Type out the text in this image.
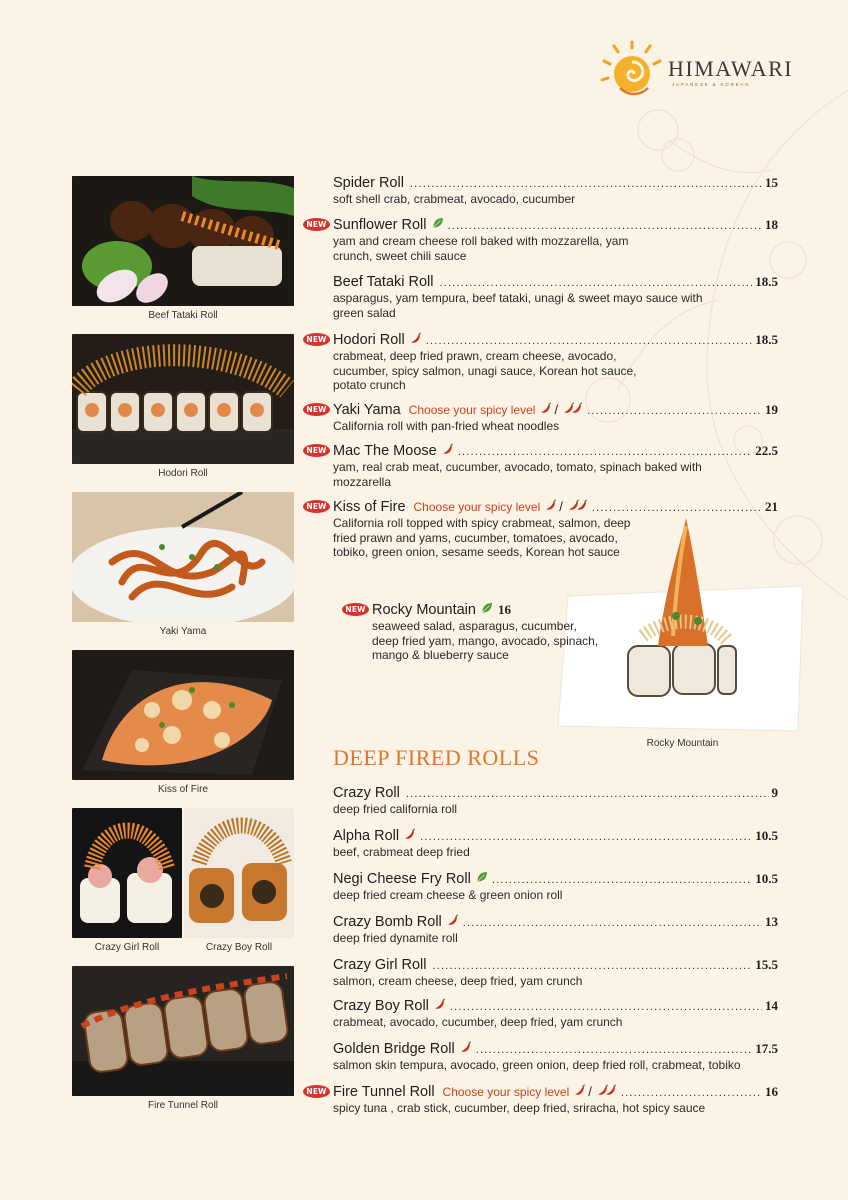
HIMAWARI
JAPANESE & KOREAN
Beef Tataki Roll
Hodori Roll
Yaki Yama
Kiss of Fire
Crazy Girl Roll	Crazy Boy Roll
Fire Tunnel Roll
Rocky Mountain
Spider Roll .....	15
soft shell crab, crabmeat, avocado, cucumber
NEW Sunflower Roll .....	18
yam and cream cheese roll baked with mozzarella, yam crunch, sweet chili sauce
Beef Tataki Roll .....	18.5
asparagus, yam tempura, beef tataki, unagi & sweet mayo sauce with green salad
NEW Hodori Roll .....	18.5
crabmeat, deep fried prawn, cream cheese, avocado, cucumber, spicy salmon, unagi sauce, Korean hot sauce, potato crunch
NEW Yaki Yama Choose your spicy level / .....	19
California roll with pan-fried wheat noodles
NEW Mac The Moose .....	22.5
yam, real crab meat, cucumber, avocado, tomato, spinach baked with mozzarella
NEW Kiss of Fire Choose your spicy level / .....	21
California roll topped with spicy crabmeat, salmon, deep fried prawn and yams, cucumber, tomatoes, avocado, tobiko, green onion, sesame seeds, Korean hot sauce
NEW Rocky Mountain	16
seaweed salad, asparagus, cucumber, deep fried yam, mango, avocado, spinach, mango & blueberry sauce
DEEP FIRED ROLLS
Crazy Roll .....	9
deep fried california roll
Alpha Roll .....	10.5
beef, crabmeat deep fried
Negi Cheese Fry Roll .....	10.5
deep fried cream cheese & green onion roll
Crazy Bomb Roll .....	13
deep fried dynamite roll
Crazy Girl Roll .....	15.5
salmon, cream cheese, deep fried, yam crunch
Crazy Boy Roll .....	14
crabmeat, avocado, cucumber, deep fried, yam crunch
Golden Bridge Roll .....	17.5
salmon skin tempura, avocado, green onion, deep fried roll, crabmeat, tobiko
NEW Fire Tunnel Roll Choose your spicy level / .....	16
spicy tuna , crab stick, cucumber, deep fried, sriracha, hot spicy sauce
